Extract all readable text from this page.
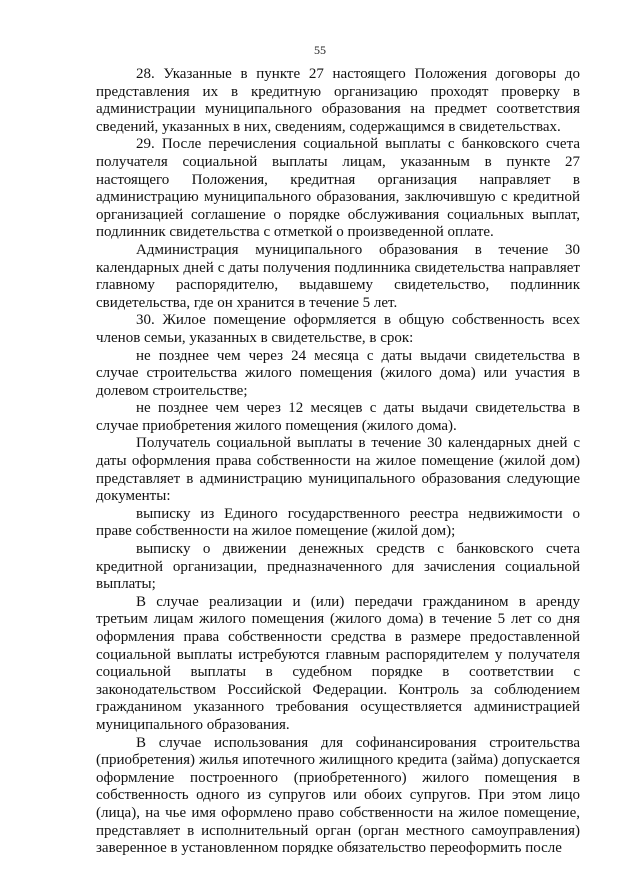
55

28. Указанные в пункте 27 настоящего Положения договоры до представления их в кредитную организацию проходят проверку в администрации муниципального образования на предмет соответствия сведений, указанных в них, сведениям, содержащимся в свидетельствах.

29. После перечисления социальной выплаты с банковского счета получателя социальной выплаты лицам, указанным в пункте 27 настоящего Положения, кредитная организация направляет в администрацию муниципального образования, заключившую с кредитной организацией соглашение о порядке обслуживания социальных выплат, подлинник свидетельства с отметкой о произведенной оплате.

Администрация муниципального образования в течение 30 календарных дней с даты получения подлинника свидетельства направляет главному распорядителю, выдавшему свидетельство, подлинник свидетельства, где он хранится в течение 5 лет.

30. Жилое помещение оформляется в общую собственность всех членов семьи, указанных в свидетельстве, в срок:

не позднее чем через 24 месяца с даты выдачи свидетельства в случае строительства жилого помещения (жилого дома) или участия в долевом строительстве;

не позднее чем через 12 месяцев с даты выдачи свидетельства в случае приобретения жилого помещения (жилого дома).

Получатель социальной выплаты в течение 30 календарных дней с даты оформления права собственности на жилое помещение (жилой дом) представляет в администрацию муниципального образования следующие документы:

выписку из Единого государственного реестра недвижимости о праве собственности на жилое помещение (жилой дом);

выписку о движении денежных средств с банковского счета кредитной организации, предназначенного для зачисления социальной выплаты;

В случае реализации и (или) передачи гражданином в аренду третьим лицам жилого помещения (жилого дома) в течение 5 лет со дня оформления права собственности средства в размере предоставленной социальной выплаты истребуются главным распорядителем у получателя социальной выплаты в судебном порядке в соответствии с законодательством Российской Федерации. Контроль за соблюдением гражданином указанного требования осуществляется администрацией муниципального образования.

В случае использования для софинансирования строительства (приобретения) жилья ипотечного жилищного кредита (займа) допускается оформление построенного (приобретенного) жилого помещения в собственность одного из супругов или обоих супругов. При этом лицо (лица), на чье имя оформлено право собственности на жилое помещение, представляет в исполнительный орган (орган местного самоуправления) заверенное в установленном порядке обязательство переоформить после
